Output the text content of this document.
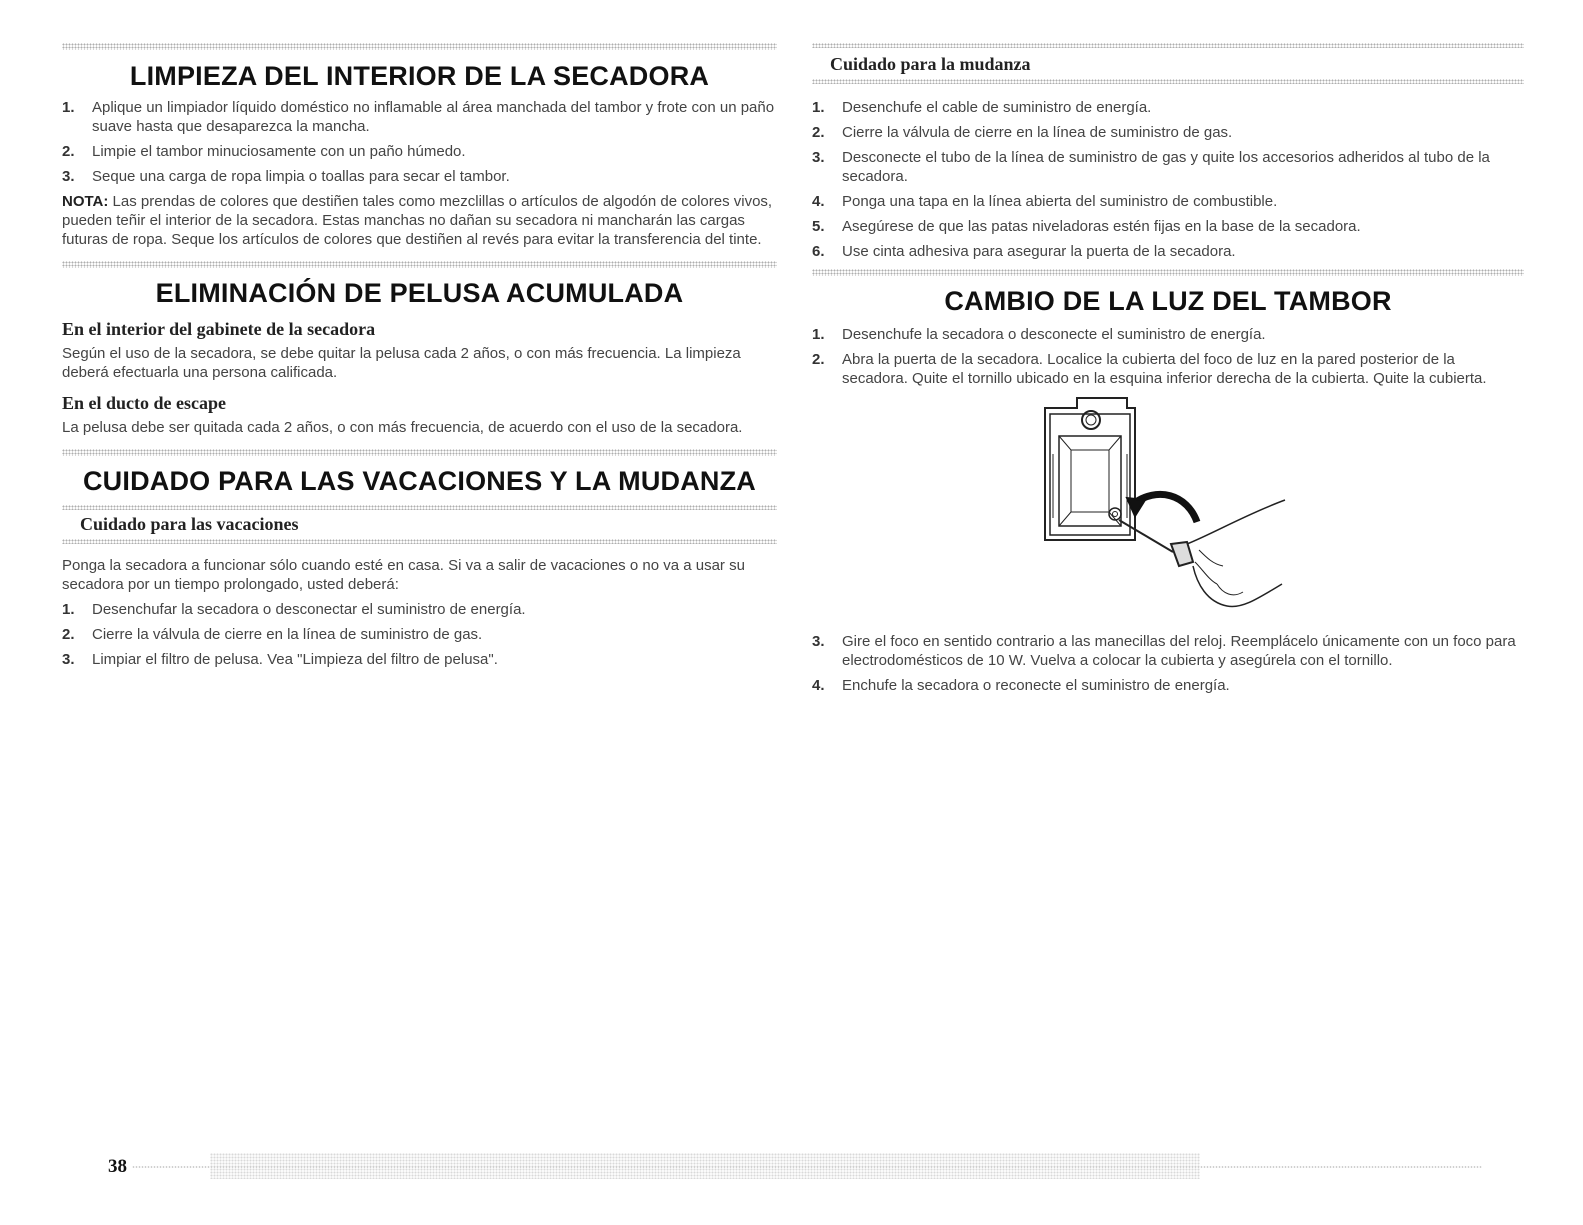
LIMPIEZA DEL INTERIOR DE LA SECADORA
1. Aplique un limpiador líquido doméstico no inflamable al área manchada del tambor y frote con un paño suave hasta que desaparezca la mancha.
2. Limpie el tambor minuciosamente con un paño húmedo.
3. Seque una carga de ropa limpia o toallas para secar el tambor.

NOTA: Las prendas de colores que destiñen tales como mezclillas o artículos de algodón de colores vivos, pueden teñir el interior de la secadora. Estas manchas no dañan su secadora ni mancharán las cargas futuras de ropa. Seque los artículos de colores que destiñen al revés para evitar la transferencia del tinte.

ELIMINACIÓN DE PELUSA ACUMULADA
En el interior del gabinete de la secadora

Según el uso de la secadora, se debe quitar la pelusa cada 2 años, o con más frecuencia. La limpieza deberá efectuarla una persona calificada.

En el ducto de escape

La pelusa debe ser quitada cada 2 años, o con más frecuencia, de acuerdo con el uso de la secadora.

CUIDADO PARA LAS VACACIONES Y LA MUDANZA
Cuidado para las vacaciones

Ponga la secadora a funcionar sólo cuando esté en casa. Si va a salir de vacaciones o no va a usar su secadora por un tiempo prolongado, usted deberá:

1. Desenchufar la secadora o desconectar el suministro de energía.
2. Cierre la válvula de cierre en la línea de suministro de gas.
3. Limpiar el filtro de pelusa. Vea "Limpieza del filtro de pelusa".
Cuidado para la mudanza
1. Desenchufe el cable de suministro de energía.
2. Cierre la válvula de cierre en la línea de suministro de gas.
3. Desconecte el tubo de la línea de suministro de gas y quite los accesorios adheridos al tubo de la secadora.
4. Ponga una tapa en la línea abierta del suministro de combustible.
5. Asegúrese de que las patas niveladoras estén fijas en la base de la secadora.
6. Use cinta adhesiva para asegurar la puerta de la secadora.
CAMBIO DE LA LUZ DEL TAMBOR
1. Desenchufe la secadora o desconecte el suministro de energía.
2. Abra la puerta de la secadora. Localice la cubierta del foco de luz en la pared posterior de la secadora. Quite el tornillo ubicado en la esquina inferior derecha de la cubierta. Quite la cubierta.
3. Gire el foco en sentido contrario a las manecillas del reloj. Reemplácelo únicamente con un foco para electrodomésticos de 10 W. Vuelva a colocar la cubierta y asegúrela con el tornillo.
4. Enchufe la secadora o reconecte el suministro de energía.
38
